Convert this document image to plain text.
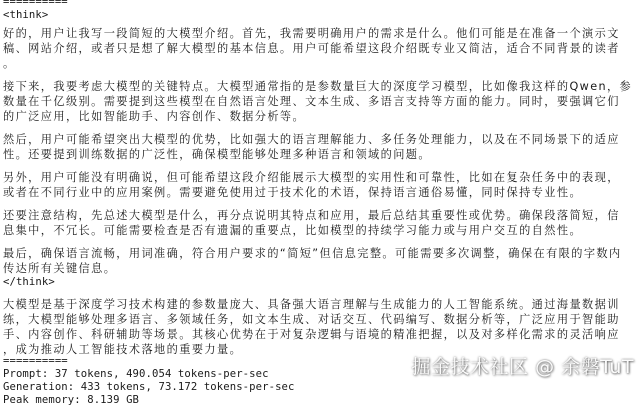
==========
<think>
好的，用户让我写一段简短的大模型介绍。首先，我需要明确用户的需求是什么。他们可能是在准备一个演示文
稿、网站介绍，或者只是想了解大模型的基本信息。用户可能希望这段介绍既专业又简洁，适合不同背景的读者
。
接下来，我要考虑大模型的关键特点。大模型通常指的是参数量巨大的深度学习模型，比如像我这样的Qwen，参
数量在千亿级别。需要提到这些模型在自然语言处理、文本生成、多语言支持等方面的能力。同时，要强调它们
的广泛应用，比如智能助手、内容创作、数据分析等。
然后，用户可能希望突出大模型的优势，比如强大的语言理解能力、多任务处理能力，以及在不同场景下的适应
性。还要提到训练数据的广泛性，确保模型能够处理多种语言和领域的问题。
另外，用户可能没有明确说，但可能希望这段介绍能展示大模型的实用性和可靠性，比如在复杂任务中的表现，
或者在不同行业中的应用案例。需要避免使用过于技术化的术语，保持语言通俗易懂，同时保持专业性。
还要注意结构，先总述大模型是什么，再分点说明其特点和应用，最后总结其重要性或优势。确保段落简短，信
息集中，不冗长。可能需要检查是否有遗漏的重要点，比如模型的持续学习能力或与用户交互的自然性。
最后，确保语言流畅，用词准确，符合用户要求的“简短”但信息完整。可能需要多次调整，确保在有限的字数内
传达所有关键信息。
</think>
大模型是基于深度学习技术构建的参数量庞大、具备强大语言理解与生成能力的人工智能系统。通过海量数据训
练，大模型能够处理多语言、多领域任务，如文本生成、对话交互、代码编写、数据分析等，广泛应用于智能助
手、内容创作、科研辅助等场景。其核心优势在于对复杂逻辑与语境的精准把握，以及对多样化需求的灵活响应
，成为推动人工智能技术落地的重要力量。
==========
Prompt: 37 tokens, 490.054 tokens-per-sec
Generation: 433 tokens, 73.172 tokens-per-sec
Peak memory: 8.139 GB
掘金技术社区 @ 余磐TuT
